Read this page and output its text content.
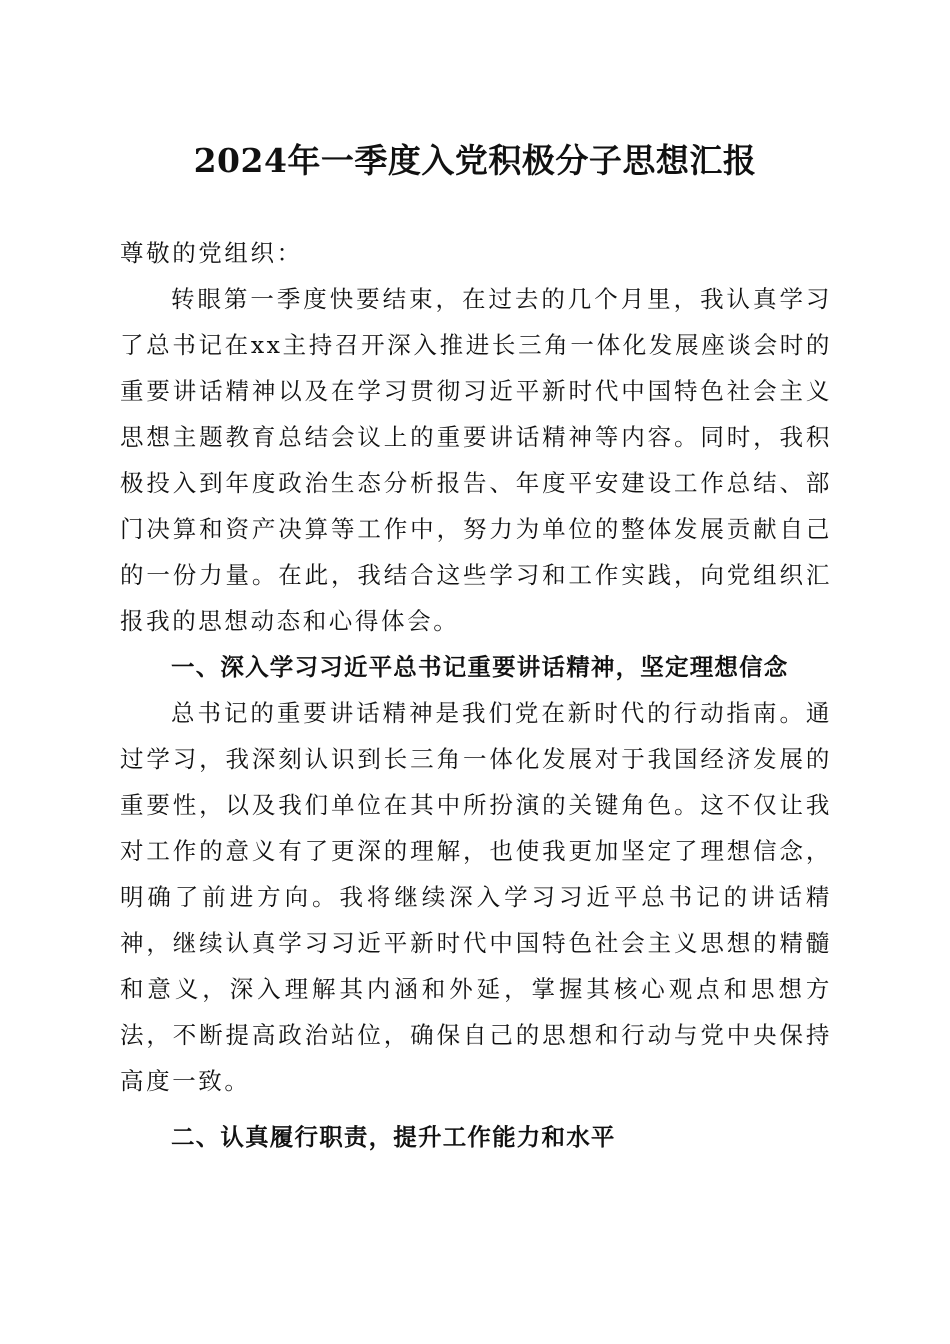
2024年一季度入党积极分子思想汇报

尊敬的党组织：

转眼第一季度快要结束，在过去的几个月里，我认真学习了总书记在xx主持召开深入推进长三角一体化发展座谈会时的重要讲话精神以及在学习贯彻习近平新时代中国特色社会主义思想主题教育总结会议上的重要讲话精神等内容。同时，我积极投入到年度政治生态分析报告、年度平安建设工作总结、部门决算和资产决算等工作中，努力为单位的整体发展贡献自己的一份力量。在此，我结合这些学习和工作实践，向党组织汇报我的思想动态和心得体会。

一、深入学习习近平总书记重要讲话精神，坚定理想信念

总书记的重要讲话精神是我们党在新时代的行动指南。通过学习，我深刻认识到长三角一体化发展对于我国经济发展的重要性，以及我们单位在其中所扮演的关键角色。这不仅让我对工作的意义有了更深的理解，也使我更加坚定了理想信念，明确了前进方向。我将继续深入学习习近平总书记的讲话精神，继续认真学习习近平新时代中国特色社会主义思想的精髓和意义，深入理解其内涵和外延，掌握其核心观点和思想方法，不断提高政治站位，确保自己的思想和行动与党中央保持高度一致。

二、认真履行职责，提升工作能力和水平
